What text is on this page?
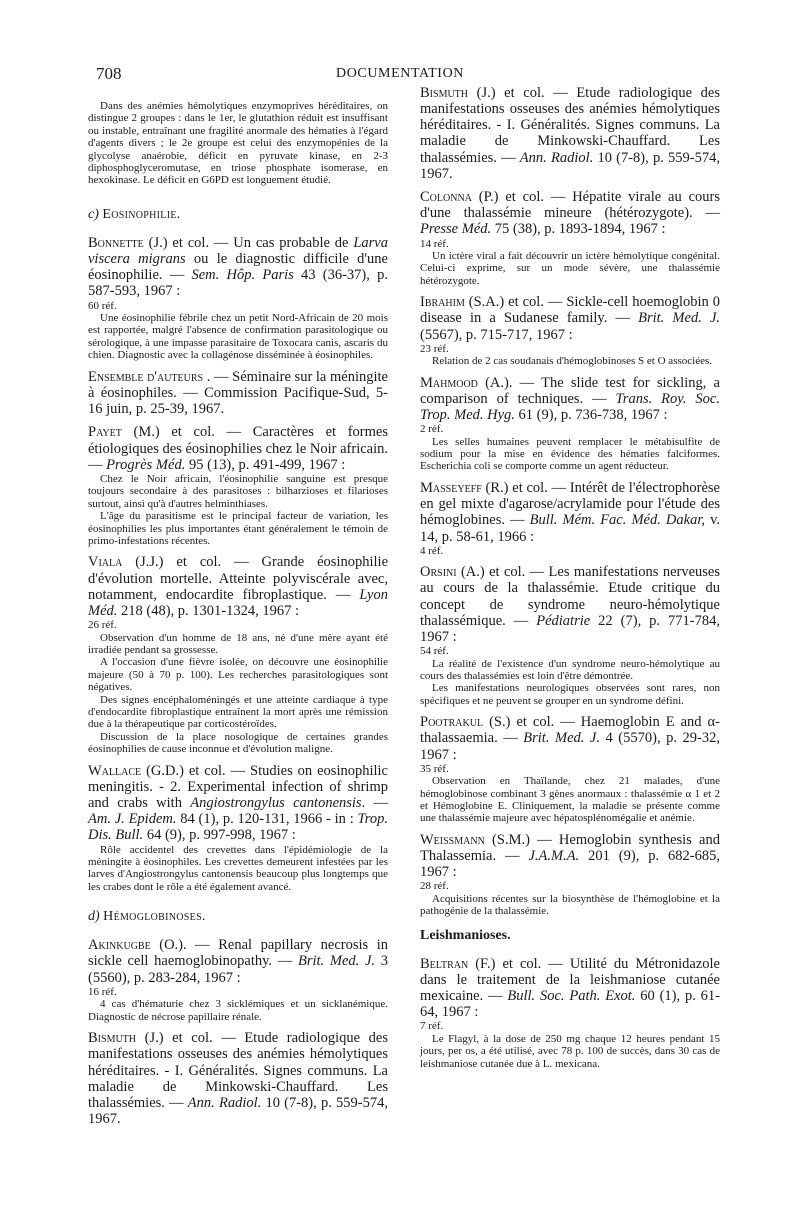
708	DOCUMENTATION

Dans des anémies hémolytiques enzymoprives héréditaires, on distingue 2 groupes : dans le 1er, le glutathion réduit est insuffisant ou instable, entraînant une fragilité anormale des hématies à l'égard d'agents divers ; le 2e groupe est celui des enzymopénies de la glycolyse anaérobie, déficit en pyruvate kinase, en 2-3 diphosphoglyceromutase, en triose phosphate isomerase, en hexokinase. Le déficit en G6PD est longuement étudié.

c) Eosinophilie.

Bonnette (J.) et col. — Un cas probable de Larva viscera migrans ou le diagnostic difficile d'une éosinophilie. — Sem. Hôp. Paris 43 (36-37), p. 587-593, 1967 :

60 réf.

Une éosinophilie fébrile chez un petit Nord-Africain de 20 mois est rapportée, malgré l'absence de confirmation parasitologique ou sérologique, à une impasse parasitaire de Toxocara canis, ascaris du chien. Diagnostic avec la collagénose disséminée à éosinophiles.

Ensemble d'auteurs . — Séminaire sur la méningite à éosinophiles. — Commission Pacifique-Sud, 5-16 juin, p. 25-39, 1967.

Payet (M.) et col. — Caractères et formes étiologiques des éosinophilies chez le Noir africain. — Progrès Méd. 95 (13), p. 491-499, 1967 :

Chez le Noir africain, l'éosinophilie sanguine est presque toujours secondaire à des parasitoses : bilharzioses et filarioses surtout, ainsi qu'à d'autres helminthiases.

L'âge du parasitisme est le principal facteur de variation, les éosinophilies les plus importantes étant généralement le témoin de primo-infestations récentes.

Viala (J.J.) et col. — Grande éosinophilie d'évolution mortelle. Atteinte polyviscérale avec, notamment, endocardite fibroplastique. — Lyon Méd. 218 (48), p. 1301-1324, 1967 :

26 réf.

Observation d'un homme de 18 ans, né d'une mère ayant été irradiée pendant sa grossesse.

A l'occasion d'une fièvre isolée, on découvre une éosinophilie majeure (50 à 70 p. 100). Les recherches parasitologiques sont négatives.

Des signes encéphaloméningés et une atteinte cardiaque à type d'endocardite fibroplastique entraînent la mort après une rémission due à la thérapeutique par corticostéroïdes.

Discussion de la place nosologique de certaines grandes éosinophilies de cause inconnue et d'évolution maligne.

Wallace (G.D.) et col. — Studies on eosinophilic meningitis. - 2. Experimental infection of shrimp and crabs with Angiostrongylus cantonensis. — Am. J. Epidem. 84 (1), p. 120-131, 1966 - in : Trop. Dis. Bull. 64 (9), p. 997-998, 1967 :

Rôle accidentel des crevettes dans l'épidémiologie de la méningite à éosinophiles. Les crevettes demeurent infestées par les larves d'Angiostrongylus cantonensis beaucoup plus longtemps que les crabes dont le rôle a été également avancé.

d) Hémoglobinoses.

Akinkugbe (O.). — Renal papillary necrosis in sickle cell haemoglobinopathy. — Brit. Med. J. 3 (5560), p. 283-284, 1967 :

16 réf.

4 cas d'hématurie chez 3 sicklémiques et un sicklanémique. Diagnostic de nécrose papillaire rénale.

Bismuth (J.) et col. — Etude radiologique des manifestations osseuses des anémies hémolytiques héréditaires. - I. Généralités. Signes communs. La maladie de Minkowski-Chauffard. Les thalassémies. — Ann. Radiol. 10 (7-8), p. 559-574, 1967.

Bismuth (J.) et col. — Etude radiologique des manifestations osseuses des anémies hémolytiques héréditaires. - I. Généralités. Signes communs. La maladie de Minkowski-Chauffard. Les thalassémies. — Ann. Radiol. 10 (7-8), p. 559-574, 1967.

Colonna (P.) et col. — Hépatite virale au cours d'une thalassémie mineure (hétérozygote). — Presse Méd. 75 (38), p. 1893-1894, 1967 :

14 réf.

Un ictère viral a fait découvrir un ictère hémolytique congénital. Celui-ci exprime, sur un mode sévère, une thalassémie hétérozygote.

Ibrahim (S.A.) et col. — Sickle-cell hoemoglobin 0 disease in a Sudanese family. — Brit. Med. J. (5567), p. 715-717, 1967 :

23 réf.

Relation de 2 cas soudanais d'hémoglobinoses S et O associées.

Mahmood (A.). — The slide test for sickling, a comparison of techniques. — Trans. Roy. Soc. Trop. Med. Hyg. 61 (9), p. 736-738, 1967 :

2 réf.

Les selles humaines peuvent remplacer le métabisulfite de sodium pour la mise en évidence des hématies falciformes. Escherichia coli se comporte comme un agent réducteur.

Masseyeff (R.) et col. — Intérêt de l'électrophorèse en gel mixte d'agarose/acrylamide pour l'étude des hémoglobines. — Bull. Mém. Fac. Méd. Dakar, v. 14, p. 58-61, 1966 :

4 réf.

Orsini (A.) et col. — Les manifestations nerveuses au cours de la thalassémie. Etude critique du concept de syndrome neuro-hémolytique thalassémique. — Pédiatrie 22 (7), p. 771-784, 1967 :

54 réf.

La réalité de l'existence d'un syndrome neuro-hémolytique au cours des thalassémies est loin d'être démontrée.

Les manifestations neurologiques observées sont rares, non spécifiques et ne peuvent se grouper en un syndrome défini.

Pootrakul (S.) et col. — Haemoglobin E and α-thalassaemia. — Brit. Med. J. 4 (5570), p. 29-32, 1967 :

35 réf.

Observation en Thaïlande, chez 21 malades, d'une hémoglobinose combinant 3 gènes anormaux : thalassémie α 1 et 2 et Hémoglobine E. Cliniquement, la maladie se présente comme une thalassémie majeure avec hépatosplénomégalie et anémie.

Weissmann (S.M.) — Hemoglobin synthesis and Thalassemia. — J.A.M.A. 201 (9), p. 682-685, 1967 :

28 réf.

Acquisitions récentes sur la biosynthèse de l'hémoglobine et la pathogénie de la thalassémie.

Leishmanioses.

Beltran (F.) et col. — Utilité du Métronidazole dans le traitement de la leishmaniose cutanée mexicaine. — Bull. Soc. Path. Exot. 60 (1), p. 61-64, 1967 :

7 réf.

Le Flagyl, à la dose de 250 mg chaque 12 heures pendant 15 jours, per os, a été utilisé, avec 78 p. 100 de succès, dans 30 cas de leishmaniose cutanée due à L. mexicana.
